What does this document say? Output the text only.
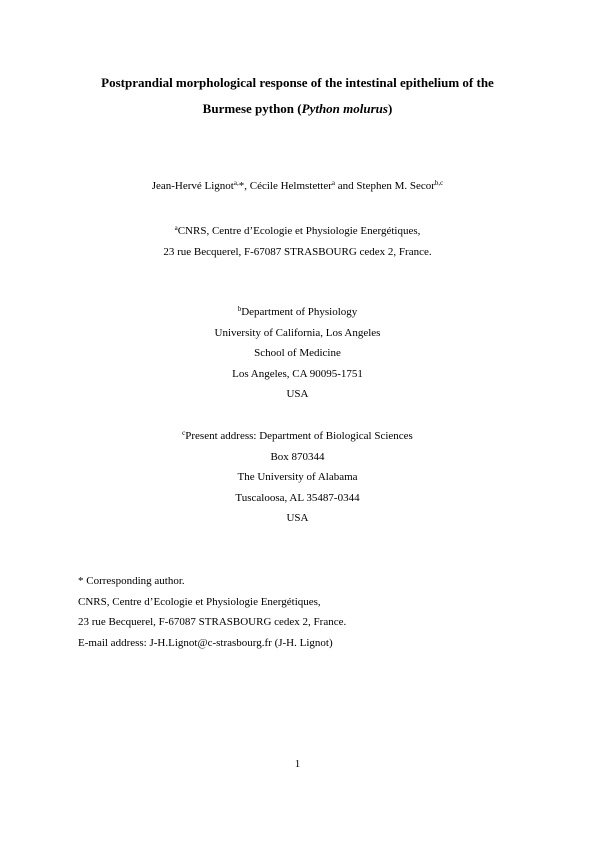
Postprandial morphological response of the intestinal epithelium of the
Burmese python (Python molurus)
Jean-Hervé Lignot$^{a,}$*, Cécile Helmstetter$^a$ and Stephen M. Secor$^{b,c}$
$^a$CNRS, Centre d’Ecologie et Physiologie Energétiques,
23 rue Becquerel, F-67087 STRASBOURG cedex 2, France.
$^b$Department of Physiology
University of California, Los Angeles
School of Medicine
Los Angeles, CA 90095-1751
USA
$^c$Present address: Department of Biological Sciences
Box 870344
The University of Alabama
Tuscaloosa, AL 35487-0344
USA
* Corresponding author.
CNRS, Centre d’Ecologie et Physiologie Energétiques,
23 rue Becquerel, F-67087 STRASBOURG cedex 2, France.
E-mail address: J-H.Lignot@c-strasbourg.fr (J-H. Lignot)
1
